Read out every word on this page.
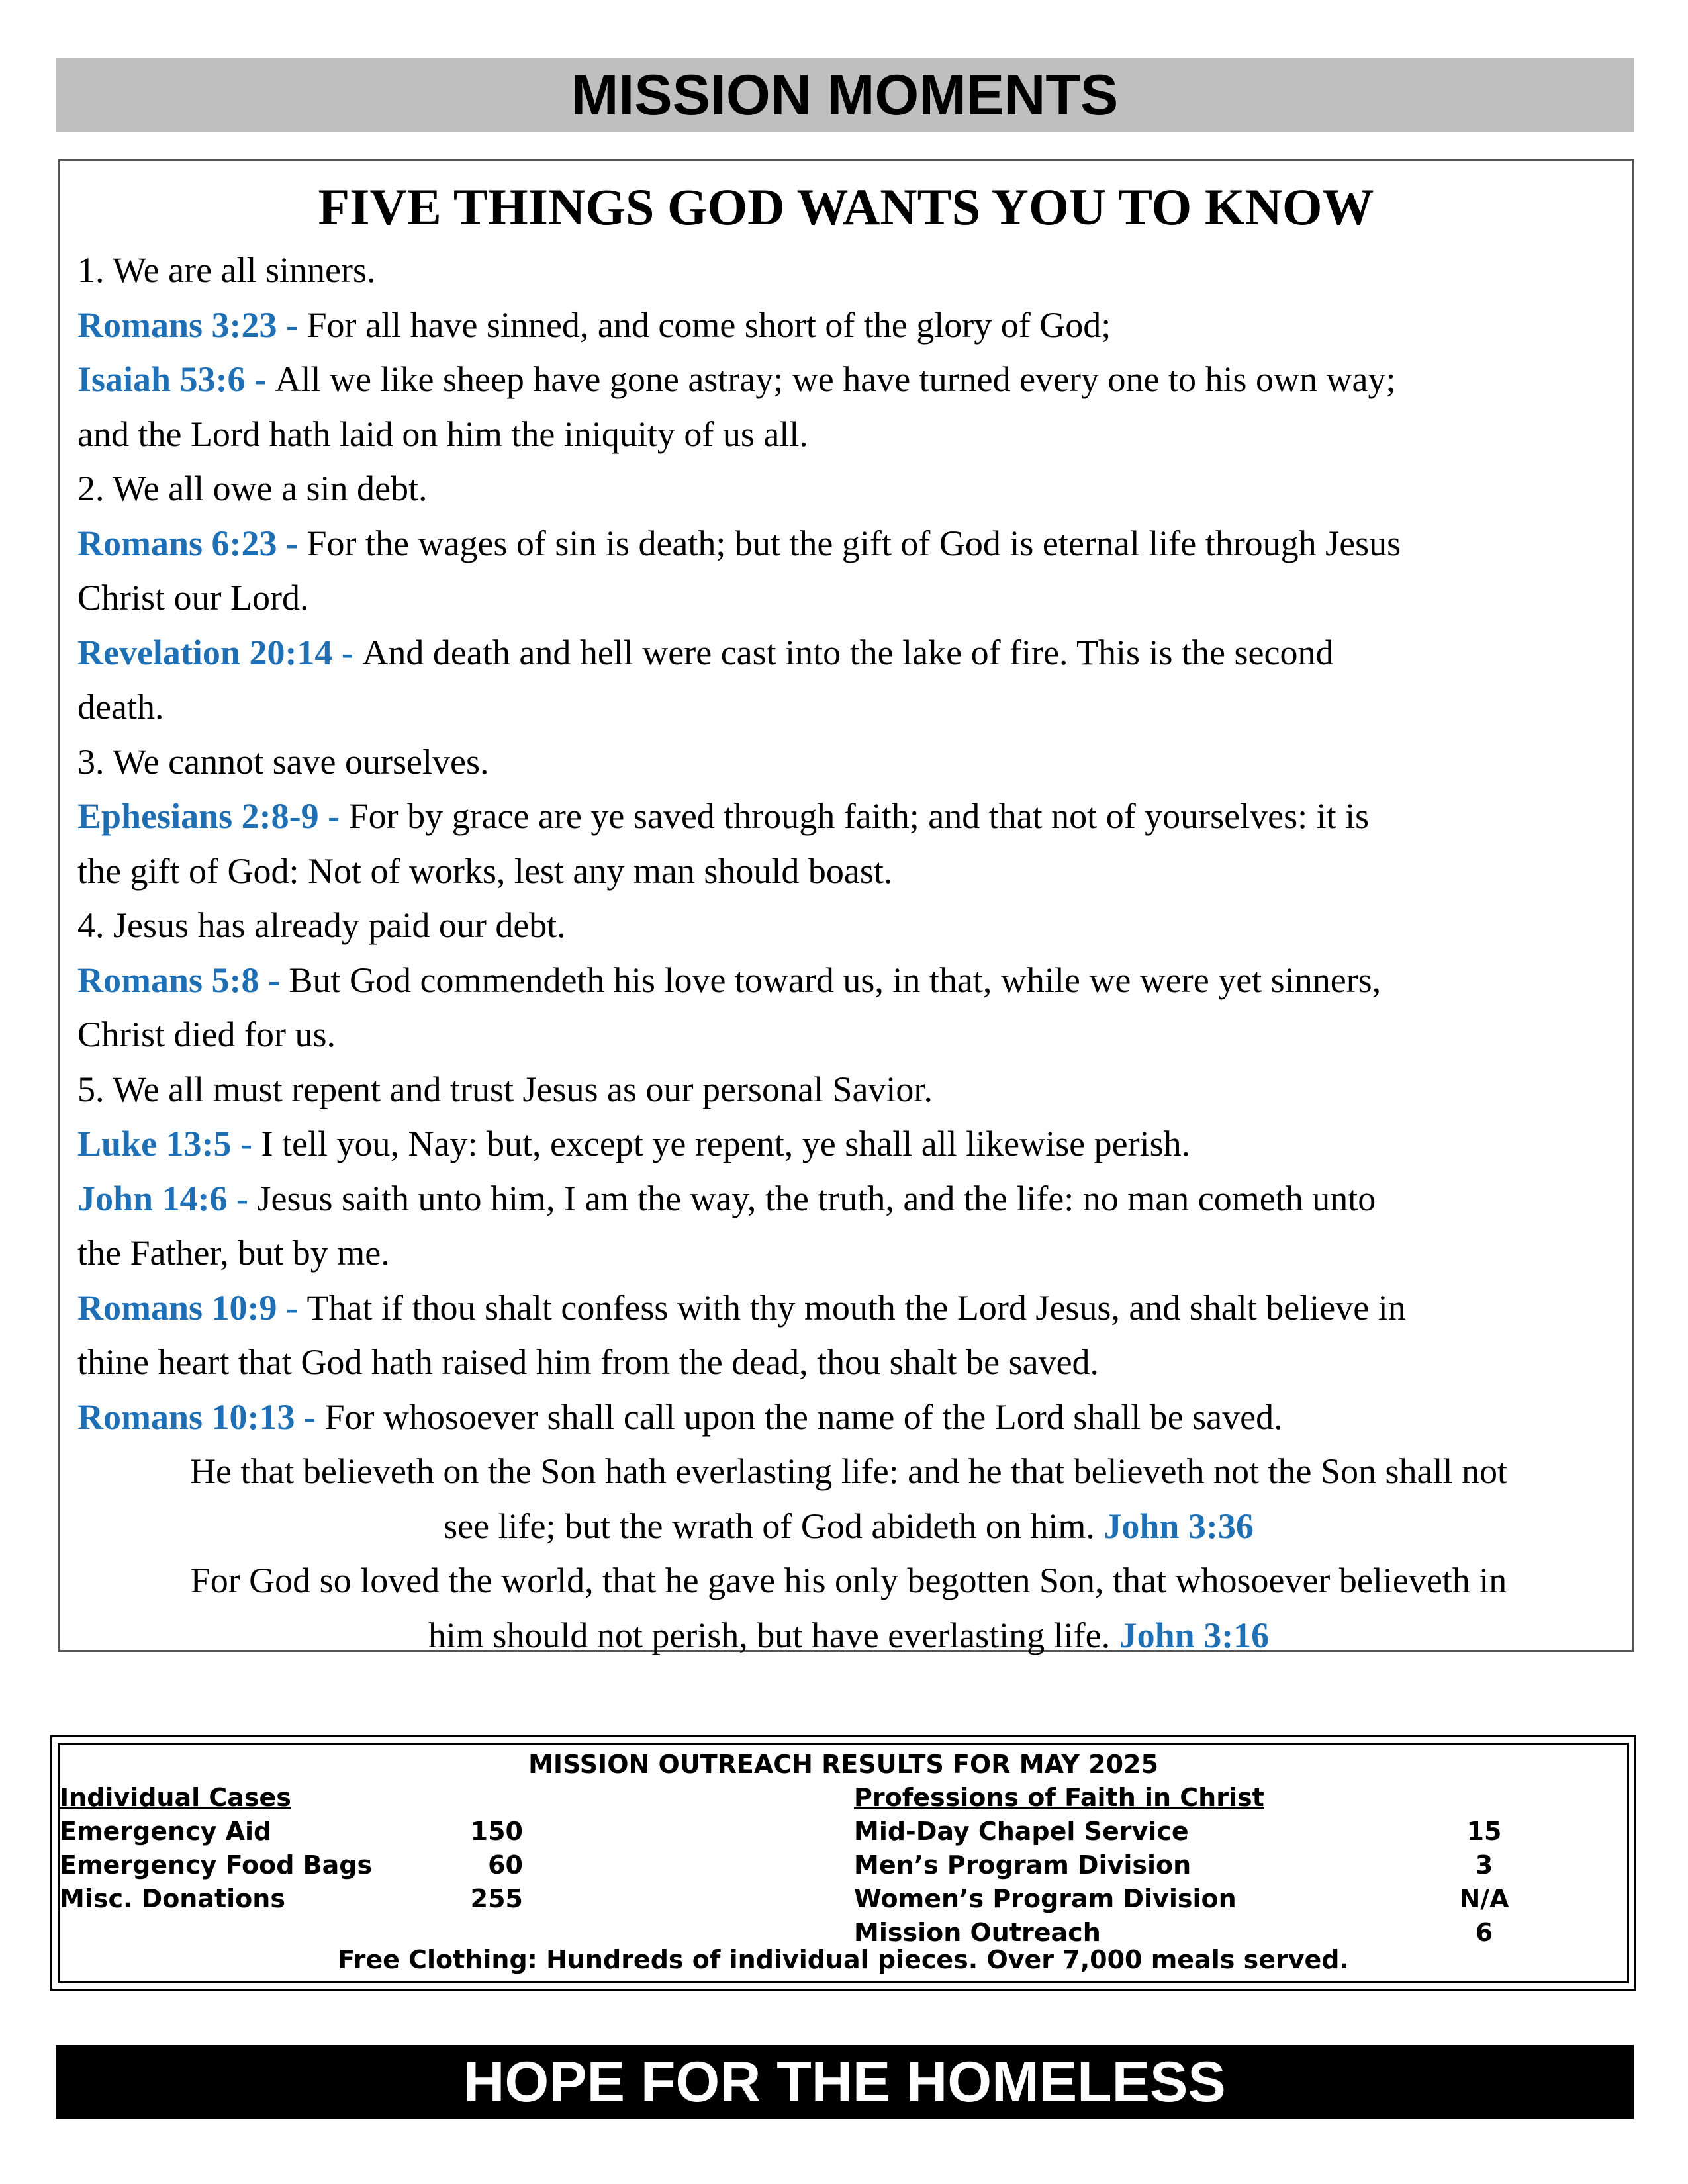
MISSION MOMENTS
FIVE THINGS GOD WANTS YOU TO KNOW

1. We are all sinners.

Romans 3:23 - For all have sinned, and come short of the glory of God;

Isaiah 53:6 - All we like sheep have gone astray; we have turned every one to his own way;

and the Lord hath laid on him the iniquity of us all.

2. We all owe a sin debt.

Romans 6:23 - For the wages of sin is death; but the gift of God is eternal life through Jesus

Christ our Lord.

Revelation 20:14 - And death and hell were cast into the lake of fire. This is the second

death.

3. We cannot save ourselves.

Ephesians 2:8-9 - For by grace are ye saved through faith; and that not of yourselves: it is

the gift of God: Not of works, lest any man should boast.

4. Jesus has already paid our debt.

Romans 5:8 - But God commendeth his love toward us, in that, while we were yet sinners,

Christ died for us.

5. We all must repent and trust Jesus as our personal Savior.

Luke 13:5 - I tell you, Nay: but, except ye repent, ye shall all likewise perish.

John 14:6 - Jesus saith unto him, I am the way, the truth, and the life: no man cometh unto

the Father, but by me.

Romans 10:9 - That if thou shalt confess with thy mouth the Lord Jesus, and shalt believe in

thine heart that God hath raised him from the dead, thou shalt be saved.

Romans 10:13 - For whosoever shall call upon the name of the Lord shall be saved.

He that believeth on the Son hath everlasting life: and he that believeth not the Son shall not

see life; but the wrath of God abideth on him. John 3:36

For God so loved the world, that he gave his only begotten Son, that whosoever believeth in

him should not perish, but have everlasting life. John 3:16

MISSION OUTREACH RESULTS FOR MAY 2025
Individual Cases
Emergency Aid
Emergency Food Bags
Misc. Donations
150
60
255
Professions of Faith in Christ
Mid-Day Chapel Service
Men’s Program Division
Women’s Program Division
Mission Outreach
15
3
N/A
6
Free Clothing: Hundreds of individual pieces. Over 7,000 meals served.
HOPE FOR THE HOMELESS
